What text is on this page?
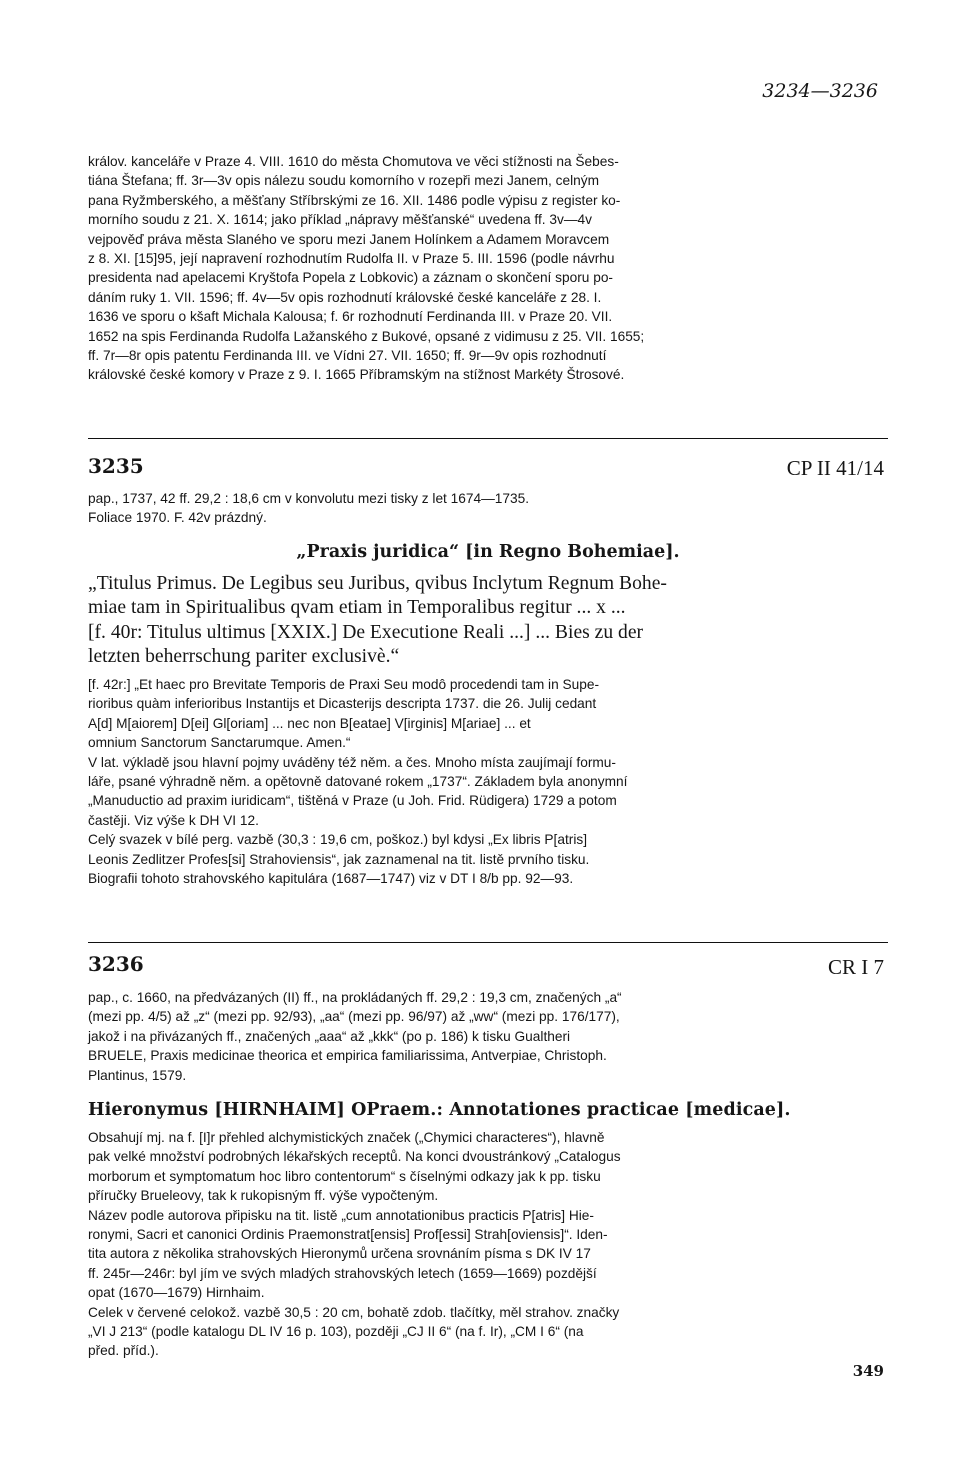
3234—3236

králov. kanceláře v Praze 4. VIII. 1610 do města Chomutova ve věci stížnosti na Šebes-

tiána Štefana; ff. 3r—3v opis nálezu soudu komorního v rozepři mezi Janem, celným

pana Ryžmberského, a měšťany Stříbrskými ze 16. XII. 1486 podle výpisu z register ko-

morního soudu z 21. X. 1614; jako příklad „nápravy měšťanské“ uvedena ff. 3v—4v

vejpověď práva města Slaného ve sporu mezi Janem Holínkem a Adamem Moravcem

z 8. XI. [15]95, její napravení rozhodnutím Rudolfa II. v Praze 5. III. 1596 (podle návrhu

presidenta nad apelacemi Kryštofa Popela z Lobkovic) a záznam o skončení sporu po-

dáním ruky 1. VII. 1596; ff. 4v—5v opis rozhodnutí královské české kanceláře z 28. I.

1636 ve sporu o kšaft Michala Kalousa; f. 6r rozhodnutí Ferdinanda III. v Praze 20. VII.

1652 na spis Ferdinanda Rudolfa Lažanského z Bukové, opsané z vidimusu z 25. VII. 1655;

ff. 7r—8r opis patentu Ferdinanda III. ve Vídni 27. VII. 1650; ff. 9r—9v opis rozhodnutí

královské české komory v Praze z 9. I. 1665 Příbramským na stížnost Markéty Štrosové.

3235	CP II 41/14

pap., 1737, 42 ff. 29,2 : 18,6 cm v konvolutu mezi tisky z let 1674—1735.

Foliace 1970. F. 42v prázdný.

„Praxis juridica“ [in Regno Bohemiae].

„Titulus Primus. De Legibus seu Juribus, qvibus Inclytum Regnum Bohe-

miae tam in Spiritualibus qvam etiam in Temporalibus regitur ... x ...

[f. 40r: Titulus ultimus [XXIX.] De Executione Reali ...] ... Bies zu der

letzten beherrschung pariter exclusivè.“

[f. 42r:] „Et haec pro Brevitate Temporis de Praxi Seu modô procedendi tam in Supe-

rioribus quàm inferioribus Instantijs et Dicasterijs descripta 1737. die 26. Julij cedant

A[d] M[aiorem] D[ei] Gl[oriam] ... nec non B[eatae] V[irginis] M[ariae] ... et

omnium Sanctorum Sanctarumque. Amen.“

V lat. výkladě jsou hlavní pojmy uváděny též něm. a čes. Mnoho místa zaujímají formu-

láře, psané výhradně něm. a opětovně datované rokem „1737“. Základem byla anonymní

„Manuductio ad praxim iuridicam“, tištěná v Praze (u Joh. Frid. Rüdigera) 1729 a potom

častěji. Viz výše k DH VI 12.

Celý svazek v bílé perg. vazbě (30,3 : 19,6 cm, poškoz.) byl kdysi „Ex libris P[atris]

Leonis Zedlitzer Profes[si] Strahoviensis“, jak zaznamenal na tit. listě prvního tisku.

Biografii tohoto strahovského kapitulára (1687—1747) viz v DT I 8/b pp. 92—93.

3236	CR I 7

pap., c. 1660, na předvázaných (II) ff., na prokládaných ff. 29,2 : 19,3 cm, značených „a“

(mezi pp. 4/5) až „z“ (mezi pp. 92/93), „aa“ (mezi pp. 96/97) až „ww“ (mezi pp. 176/177),

jakož i na přivázaných ff., značených „aaa“ až „kkk“ (po p. 186) k tisku Gualtheri

BRUELE, Praxis medicinae theorica et empirica familiarissima, Antverpiae, Christoph.

Plantinus, 1579.

Hieronymus [HIRNHAIM] OPraem.: Annotationes practicae [medicae].

Obsahují mj. na f. [I]r přehled alchymistických značek („Chymici characteres“), hlavně

pak velké množství podrobných lékařských receptů. Na konci dvoustránkový „Catalogus

morborum et symptomatum hoc libro contentorum“ s číselnými odkazy jak k pp. tisku

příručky Brueleovy, tak k rukopisným ff. výše vypočteným.

Název podle autorova připisku na tit. listě „cum annotationibus practicis P[atris] Hie-

ronymi, Sacri et canonici Ordinis Praemonstrat[ensis] Prof[essi] Strah[oviensis]“. Iden-

tita autora z několika strahovských Hieronymů určena srovnáním písma s DK IV 17

ff. 245r—246r: byl jím ve svých mladých strahovských letech (1659—1669) pozdější

opat (1670—1679) Hirnhaim.

Celek v červené celokož. vazbě 30,5 : 20 cm, bohatě zdob. tlačítky, měl strahov. značky

„VI J 213“ (podle katalogu DL IV 16 p. 103), později „CJ II 6“ (na f. Ir), „CM I 6“ (na

před. příd.).

349
